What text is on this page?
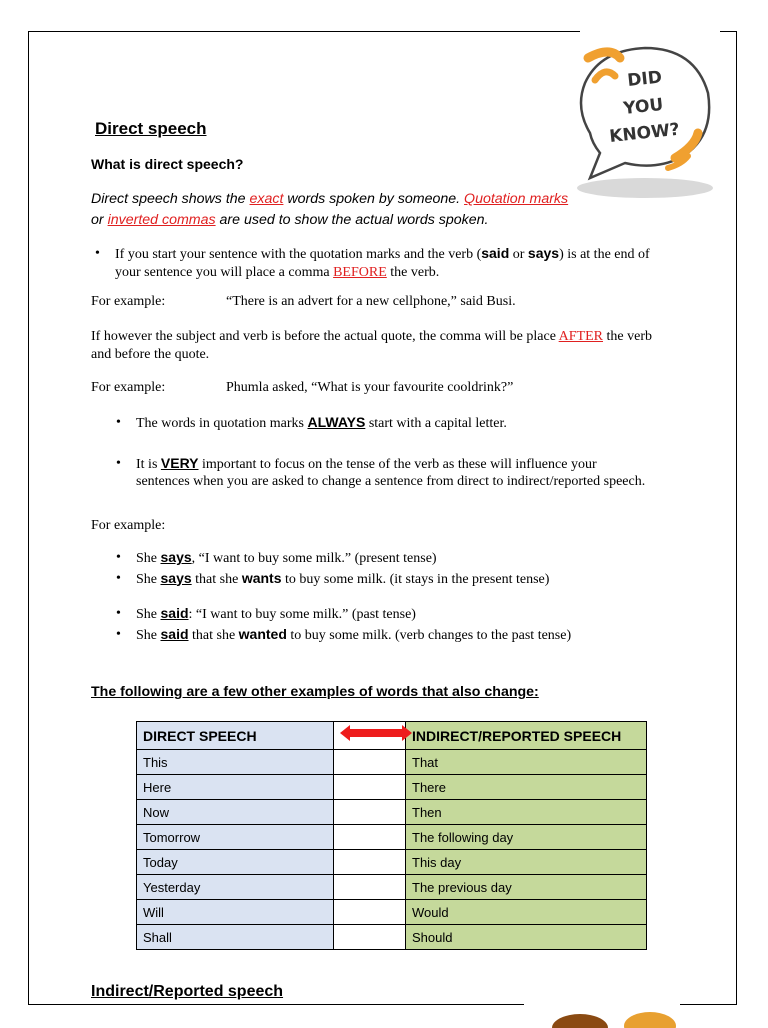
DID
YOU
KNOW?
Direct speech
What is direct speech?
Direct speech shows the exact words spoken by someone. Quotation marks or inverted commas are used to show the actual words spoken.
• If you start your sentence with the quotation marks and the verb (said or says) is at the end of your sentence you will place a comma BEFORE the verb.
For example:	“There is an advert for a new cellphone,” said Busi.
If however the subject and verb is before the actual quote, the comma will be place AFTER the verb and before the quote.
For example:	Phumla asked, “What is your favourite cooldrink?”
• The words in quotation marks ALWAYS start with a capital letter.
• It is VERY important to focus on the tense of the verb as these will influence your sentences when you are asked to change a sentence from direct to indirect/reported speech.
For example:
• She says, “I want to buy some milk.” (present tense)
• She says that she wants to buy some milk. (it stays in the present tense)
• She said: “I want to buy some milk.” (past tense)
• She said that she wanted to buy some milk. (verb changes to the past tense)
The following are a few other examples of words that also change:
DIRECT SPEECH		INDIRECT/REPORTED SPEECH
This		That
Here		There
Now		Then
Tomorrow		The following day
Today		This day
Yesterday		The previous day
Will		Would
Shall		Should
Indirect/Reported speech
